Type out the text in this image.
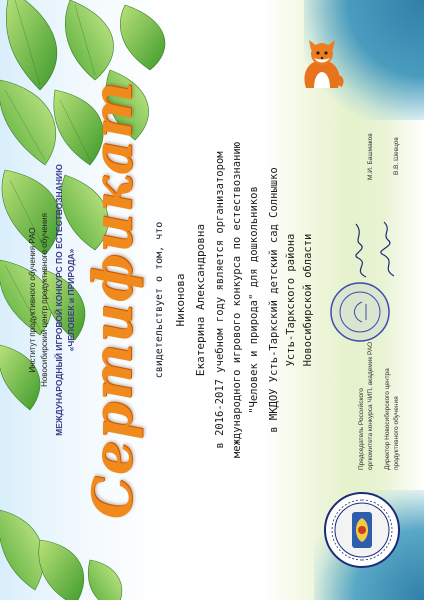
Институт продуктивного обучения РАО Новосибирский центр продуктивного обучения МЕЖДУНАРОДНЫЙ ИГРОВОЙ КОНКУРС ПО ЕСТЕСТВОЗНАНИЮ «ЧЕЛОВЕК и ПРИРОДА» Сертификат свидетельствует о том, что Никонова Екатерина Александровна в 2016-2017 учебном году является организатором международного игрового конкурса по естествознанию "Человек и природа" для дошкольников в МКДОУ Усть-Таркский детский сад Солнышко Усть-Таркского района Новосибирской области
Председатель Российского оргкомитета конкурса ЧИП, академик РАО
М.И. Башмаков
Директор Новосибирского центра продуктивного обучения
В.В. Шевцов
